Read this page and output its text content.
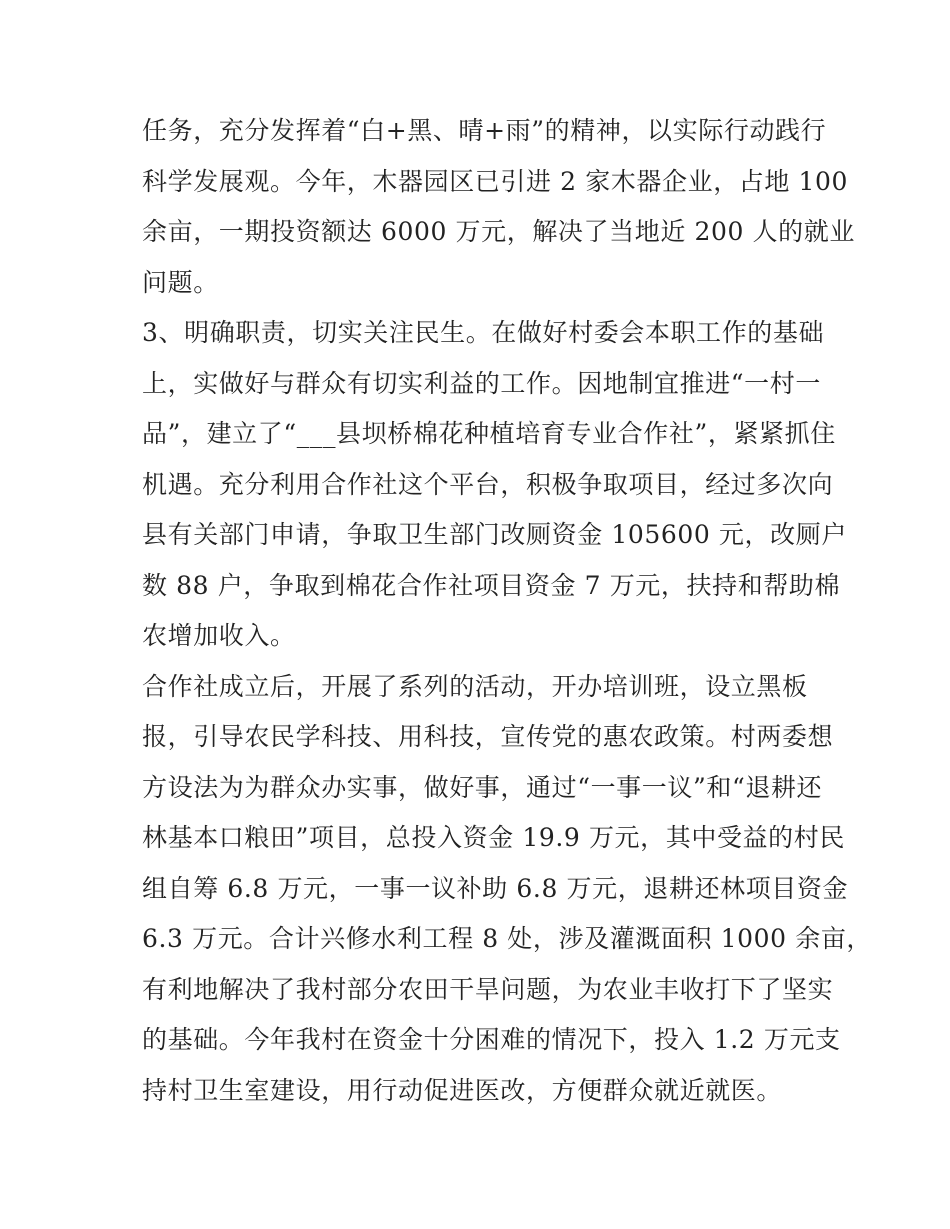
任务，充分发挥着“白+黑、晴+雨”的精神，以实际行动践行
科学发展观。今年，木器园区已引进 2 家木器企业，占地 100
余亩，一期投资额达 6000 万元，解决了当地近 200 人的就业
问题。
3、明确职责，切实关注民生。在做好村委会本职工作的基础
上，实做好与群众有切实利益的工作。因地制宜推进“一村一
品”，建立了“___县坝桥棉花种植培育专业合作社”，紧紧抓住
机遇。充分利用合作社这个平台，积极争取项目，经过多次向
县有关部门申请，争取卫生部门改厕资金 105600 元，改厕户
数 88 户，争取到棉花合作社项目资金 7 万元，扶持和帮助棉
农增加收入。
合作社成立后，开展了系列的活动，开办培训班，设立黑板
报，引导农民学科技、用科技，宣传党的惠农政策。村两委想
方设法为为群众办实事，做好事，通过“一事一议”和“退耕还
林基本口粮田”项目，总投入资金 19.9 万元，其中受益的村民
组自筹 6.8 万元，一事一议补助 6.8 万元，退耕还林项目资金
6.3 万元。合计兴修水利工程 8 处，涉及灌溉面积 1000 余亩，
有利地解决了我村部分农田干旱问题，为农业丰收打下了坚实
的基础。今年我村在资金十分困难的情况下，投入 1.2 万元支
持村卫生室建设，用行动促进医改，方便群众就近就医。
